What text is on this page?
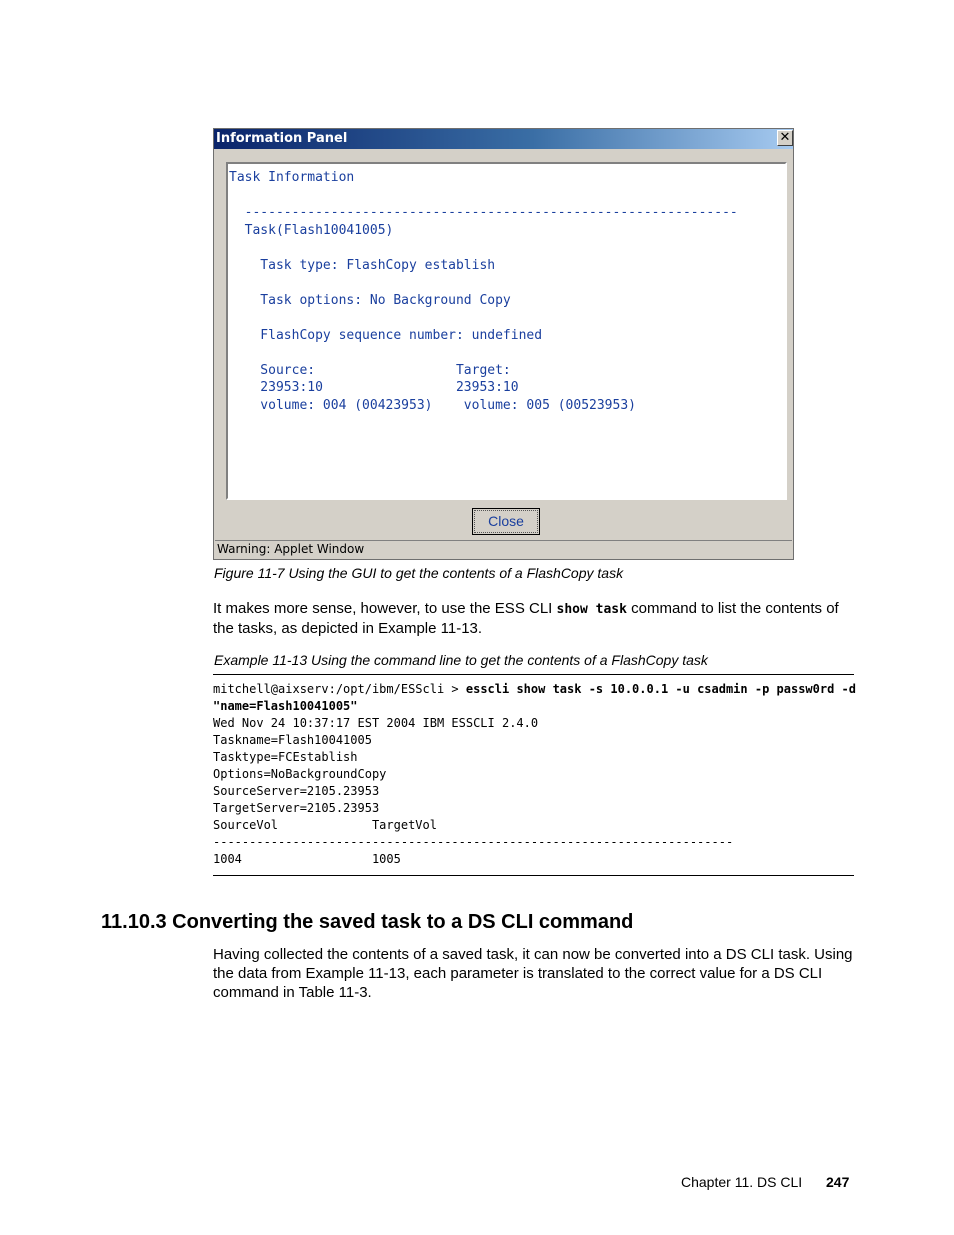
Information Panel	✕
Task Information

---------------------------------------------------------------
Task(Flash10041005)

Task type: FlashCopy establish

Task options: No Background Copy

FlashCopy sequence number: undefined

Source:                  Target:
23953:10                 23953:10
volume: 004 (00423953)    volume: 005 (00523953)
Close
Warning: Applet Window
Figure 11-7 Using the GUI to get the contents of a FlashCopy task
It makes more sense, however, to use the ESS CLI show task command to list the contents of the tasks, as depicted in Example 11-13.
Example 11-13 Using the command line to get the contents of a FlashCopy task
mitchell@aixserv:/opt/ibm/ESScli > esscli show task -s 10.0.0.1 -u csadmin -p passw0rd -d
"name=Flash10041005"
Wed Nov 24 10:37:17 EST 2004 IBM ESSCLI 2.4.0
Taskname=Flash10041005
Tasktype=FCEstablish
Options=NoBackgroundCopy
SourceServer=2105.23953
TargetServer=2105.23953
SourceVol             TargetVol
------------------------------------------------------------------------
1004                  1005
11.10.3 Converting the saved task to a DS CLI command
Having collected the contents of a saved task, it can now be converted into a DS CLI task. Using the data from Example 11-13, each parameter is translated to the correct value for a DS CLI command in Table 11-3.
Chapter 11. DS CLI 247
